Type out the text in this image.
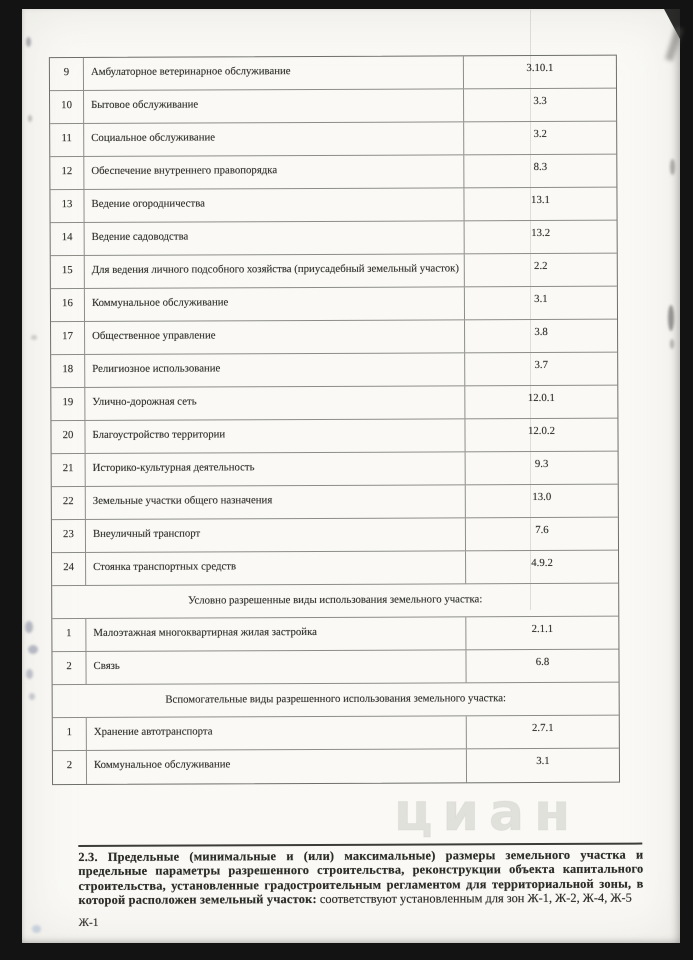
циан
9	Амбулаторное ветеринарное обслуживание	3.10.1
10	Бытовое обслуживание	3.3
11	Социальное обслуживание	3.2
12	Обеспечение внутреннего правопорядка	8.3
13	Ведение огородничества	13.1
14	Ведение садоводства	13.2
15	Для ведения личного подсобного хозяйства (приусадебный земельный участок)	2.2
16	Коммунальное обслуживание	3.1
17	Общественное управление	3.8
18	Религиозное использование	3.7
19	Улично-дорожная сеть	12.0.1
20	Благоустройство территории	12.0.2
21	Историко-культурная деятельность	9.3
22	Земельные участки общего назначения	13.0
23	Внеуличный транспорт	7.6
24	Стоянка транспортных средств	4.9.2
Условно разрешенные виды использования земельного участка:
1	Малоэтажная многоквартирная жилая застройка	2.1.1
2	Связь	6.8
Вспомогательные виды разрешенного использования земельного участка:
1	Хранение автотранспорта	2.7.1
2	Коммунальное обслуживание	3.1

2.3. Предельные (минимальные и (или) максимальные) размеры земельного участка и предельные параметры разрешенного строительства, реконструкции объекта капитального строительства, установленные градостроительным регламентом для территориальной зоны, в которой расположен земельный участок: соответствуют установленным для зон Ж-1, Ж-2, Ж-4, Ж-5

Ж-1
